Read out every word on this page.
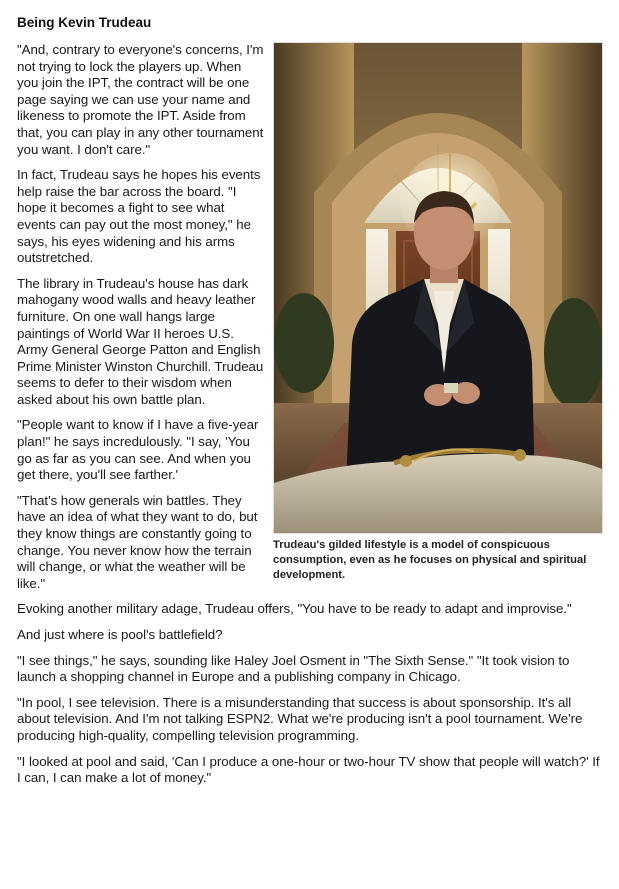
Being Kevin Trudeau
Trudeau's gilded lifestyle is a model of conspicuous consumption, even as he focuses on physical and spiritual development.

"And, contrary to everyone's concerns, I'm not trying to lock the players up. When you join the IPT, the contract will be one page saying we can use your name and likeness to promote the IPT. Aside from that, you can play in any other tournament you want. I don't care."

In fact, Trudeau says he hopes his events help raise the bar across the board. "I hope it becomes a fight to see what events can pay out the most money," he says, his eyes widening and his arms outstretched.

The library in Trudeau's house has dark mahogany wood walls and heavy leather furniture. On one wall hangs large paintings of World War II heroes U.S. Army General George Patton and English Prime Minister Winston Churchill. Trudeau seems to defer to their wisdom when asked about his own battle plan.

"People want to know if I have a five-year plan!" he says incredulously. "I say, 'You go as far as you can see. And when you get there, you'll see farther.'

"That's how generals win battles. They have an idea of what they want to do, but they know things are constantly going to change. You never know how the terrain will change, or what the weather will be like."

Evoking another military adage, Trudeau offers, "You have to be ready to adapt and improvise."

And just where is pool's battlefield?

"I see things," he says, sounding like Haley Joel Osment in "The Sixth Sense." "It took vision to launch a shopping channel in Europe and a publishing company in Chicago.

"In pool, I see television. There is a misunderstanding that success is about sponsorship. It's all about television. And I'm not talking ESPN2. What we're producing isn't a pool tournament. We're producing high-quality, compelling television programming.

"I looked at pool and said, 'Can I produce a one-hour or two-hour TV show that people will watch?' If I can, I can make a lot of money."
